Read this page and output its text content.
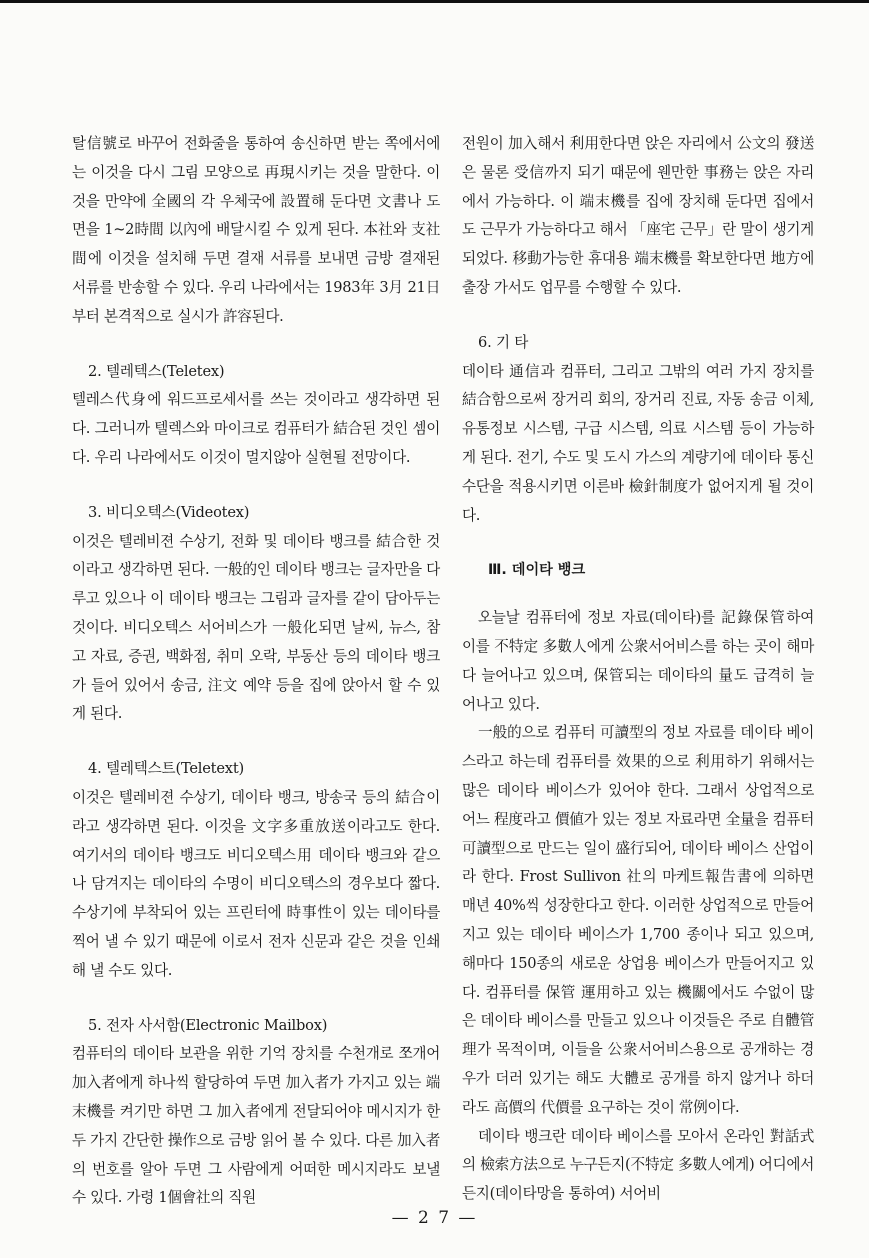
탈信號로 바꾸어 전화줄을 통하여 송신하면 받는 쪽에서에는 이것을 다시 그림 모양으로 再現시키는 것을 말한다. 이것을 만약에 全國의 각 우체국에 設置해 둔다면 文書나 도면을 1~2時間 以內에 배달시킬 수 있게 된다. 本社와 支社間에 이것을 설치해 두면 결재 서류를 보내면 금방 결재된 서류를 반송할 수 있다. 우리 나라에서는 1983年 3月 21日부터 본격적으로 실시가 許容된다.

2. 텔레텍스(Teletex)

텔레스代身에 워드프로세서를 쓰는 것이라고 생각하면 된다. 그러니까 텔렉스와 마이크로 컴퓨터가 結合된 것인 셈이다. 우리 나라에서도 이것이 멀지않아 실현될 전망이다.

3. 비디오텍스(Videotex)

이것은 텔레비젼 수상기, 전화 및 데이타 뱅크를 結合한 것이라고 생각하면 된다. 一般的인 데이타 뱅크는 글자만을 다루고 있으나 이 데이타 뱅크는 그림과 글자를 같이 담아두는 것이다. 비디오텍스 서어비스가 一般化되면 날씨, 뉴스, 참고 자료, 증권, 백화점, 취미 오락, 부동산 등의 데이타 뱅크가 들어 있어서 송금, 注文 예약 등을 집에 앉아서 할 수 있게 된다.

4. 텔레텍스트(Teletext)

이것은 텔레비젼 수상기, 데이타 뱅크, 방송국 등의 結合이라고 생각하면 된다. 이것을 文字多重放送이라고도 한다. 여기서의 데이타 뱅크도 비디오텍스用 데이타 뱅크와 같으나 담겨지는 데이타의 수명이 비디오텍스의 경우보다 짧다. 수상기에 부착되어 있는 프린터에 時事性이 있는 데이타를 찍어 낼 수 있기 때문에 이로서 전자 신문과 같은 것을 인쇄해 낼 수도 있다.

5. 전자 사서함(Electronic Mailbox)

컴퓨터의 데이타 보관을 위한 기억 장치를 수천개로 쪼개어 加入者에게 하나씩 할당하여 두면 加入者가 가지고 있는 端末機를 켜기만 하면 그 加入者에게 전달되어야 메시지가 한두 가지 간단한 操作으로 금방 읽어 볼 수 있다. 다른 加入者의 번호를 알아 두면 그 사람에게 어떠한 메시지라도 보낼 수 있다. 가령 1個會社의 직원

전원이 加入해서 利用한다면 앉은 자리에서 公文의 發送은 물론 受信까지 되기 때문에 웬만한 事務는 앉은 자리에서 가능하다. 이 端末機를 집에 장치해 둔다면 집에서도 근무가 가능하다고 해서 「座宅 근무」란 말이 생기게 되었다. 移動가능한 휴대용 端末機를 확보한다면 地方에 출장 가서도 업무를 수행할 수 있다.

6. 기 타

데이타 通信과 컴퓨터, 그리고 그밖의 여러 가지 장치를 結合함으로써 장거리 회의, 장거리 진료, 자동 송금 이체, 유통정보 시스템, 구급 시스템, 의료 시스템 등이 가능하게 된다. 전기, 수도 및 도시 가스의 계량기에 데이타 통신 수단을 적용시키면 이른바 檢針制度가 없어지게 될 것이다.

Ⅲ. 데이타 뱅크

오늘날 컴퓨터에 정보 자료(데이타)를 記錄保管하여 이를 不特定 多數人에게 公衆서어비스를 하는 곳이 해마다 늘어나고 있으며, 保管되는 데이타의 量도 급격히 늘어나고 있다.

一般的으로 컴퓨터 可讀型의 정보 자료를 데이타 베이스라고 하는데 컴퓨터를 效果的으로 利用하기 위해서는 많은 데이타 베이스가 있어야 한다. 그래서 상업적으로 어느 程度라고 價値가 있는 정보 자료라면 全量을 컴퓨터 可讀型으로 만드는 일이 盛行되어, 데이타 베이스 산업이라 한다. Frost Sullivon 社의 마케트報告書에 의하면 매년 40%씩 성장한다고 한다. 이러한 상업적으로 만들어지고 있는 데이타 베이스가 1,700 종이나 되고 있으며, 해마다 150종의 새로운 상업용 베이스가 만들어지고 있다. 컴퓨터를 保管 運用하고 있는 機關에서도 수없이 많은 데이타 베이스를 만들고 있으나 이것들은 주로 自體管理가 목적이며, 이들을 公衆서어비스용으로 공개하는 경우가 더러 있기는 해도 大體로 공개를 하지 않거나 하더라도 高價의 代價를 요구하는 것이 常例이다.

데이타 뱅크란 데이타 베이스를 모아서 온라인 對話式의 檢索方法으로 누구든지(不特定 多數人에게) 어디에서든지(데이타망을 통하여) 서어비

— 2 7 —
